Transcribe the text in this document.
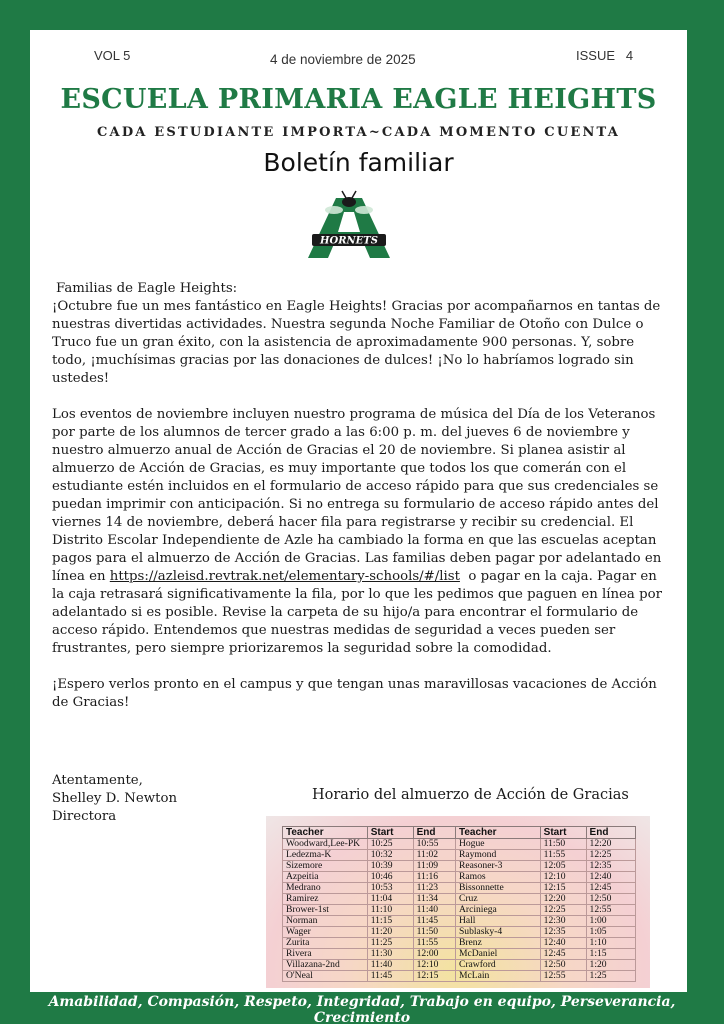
VOL 5	4 de noviembre de 2025	ISSUE   4
ESCUELA PRIMARIA EAGLE HEIGHTS
CADA ESTUDIANTE IMPORTA~CADA MOMENTO CUENTA
Boletín familiar
HORNETS
Familias de Eagle Heights:

¡Octubre fue un mes fantástico en Eagle Heights! Gracias por acompañarnos en tantas de nuestras divertidas actividades. Nuestra segunda Noche Familiar de Otoño con Dulce o Truco fue un gran éxito, con la asistencia de aproximadamente 900 personas. Y, sobre todo, ¡muchísimas gracias por las donaciones de dulces! ¡No lo habríamos logrado sin ustedes!

Los eventos de noviembre incluyen nuestro programa de música del Día de los Veteranos por parte de los alumnos de tercer grado a las 6:00 p. m. del jueves 6 de noviembre y nuestro almuerzo anual de Acción de Gracias el 20 de noviembre. Si planea asistir al almuerzo de Acción de Gracias, es muy importante que todos los que comerán con el estudiante estén incluidos en el formulario de acceso rápido para que sus credenciales se puedan imprimir con anticipación. Si no entrega su formulario de acceso rápido antes del viernes 14 de noviembre, deberá hacer fila para registrarse y recibir su credencial. El Distrito Escolar Independiente de Azle ha cambiado la forma en que las escuelas aceptan pagos para el almuerzo de Acción de Gracias. Las familias deben pagar por adelantado en línea en https://azleisd.revtrak.net/elementary-schools/#/list  o pagar en la caja. Pagar en la caja retrasará significativamente la fila, por lo que les pedimos que paguen en línea por adelantado si es posible. Revise la carpeta de su hijo/a para encontrar el formulario de acceso rápido. Entendemos que nuestras medidas de seguridad a veces pueden ser frustrantes, pero siempre priorizaremos la seguridad sobre la comodidad.

¡Espero verlos pronto en el campus y que tengan unas maravillosas vacaciones de Acción de Gracias!

Atentamente,
Shelley D. Newton
Directora
Horario del almuerzo de Acción de Gracias
Teacher	Start	End	Teacher	Start	End
Woodward,Lee-PK	10:25	10:55	Hogue	11:50	12:20
Ledezma-K	10:32	11:02	Raymond	11:55	12:25
Sizemore	10:39	11:09	Reasoner-3	12:05	12:35
Azpeitia	10:46	11:16	Ramos	12:10	12:40
Medrano	10:53	11:23	Bissonnette	12:15	12:45
Ramirez	11:04	11:34	Cruz	12:20	12:50
Brower-1st	11:10	11:40	Arciniega	12:25	12:55
Norman	11:15	11:45	Hall	12:30	1:00
Wager	11:20	11:50	Sublasky-4	12:35	1:05
Zurita	11:25	11:55	Brenz	12:40	1:10
Rivera	11:30	12:00	McDaniel	12:45	1:15
Villazana-2nd	11:40	12:10	Crawford	12:50	1:20
O'Neal	11:45	12:15	McLain	12:55	1:25
Amabilidad, Compasión, Respeto, Integridad, Trabajo en equipo, Perseverancia, Crecimiento
